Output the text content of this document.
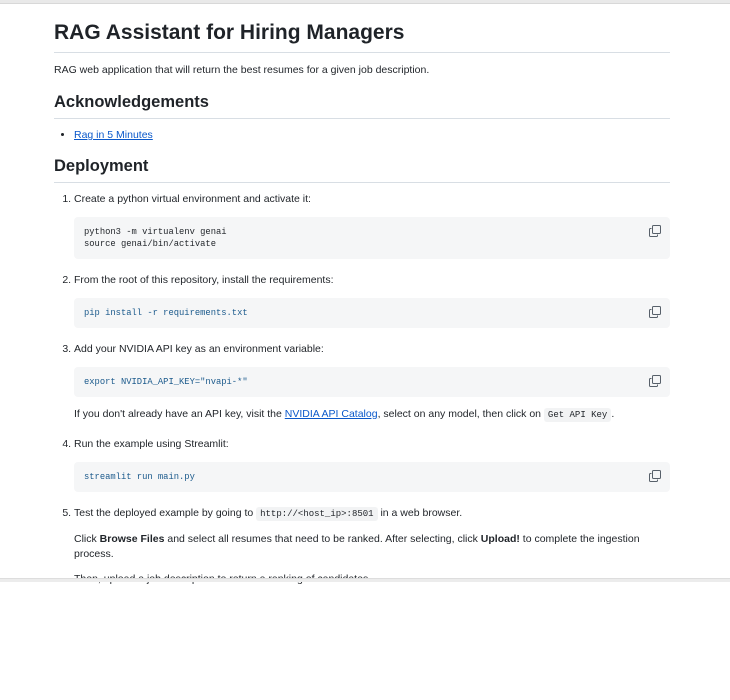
RAG Assistant for Hiring Managers

RAG web application that will return the best resumes for a given job description.

Acknowledgements
• Rag in 5 Minutes
Deployment
1. Create a python virtual environment and activate it:
python3 -m virtualenv genai
source genai/bin/activate
2. From the root of this repository, install the requirements:
pip install -r requirements.txt
3. Add your NVIDIA API key as an environment variable:
export NVIDIA_API_KEY="nvapi-*"

If you don't already have an API key, visit the NVIDIA API Catalog, select on any model, then click on Get API Key .

4. Run the example using Streamlit:
streamlit run main.py
5. Test the deployed example by going to http://<host_ip>:8501 in a web browser.

Click Browse Files and select all resumes that need to be ranked. After selecting, click Upload! to complete the ingestion process.
